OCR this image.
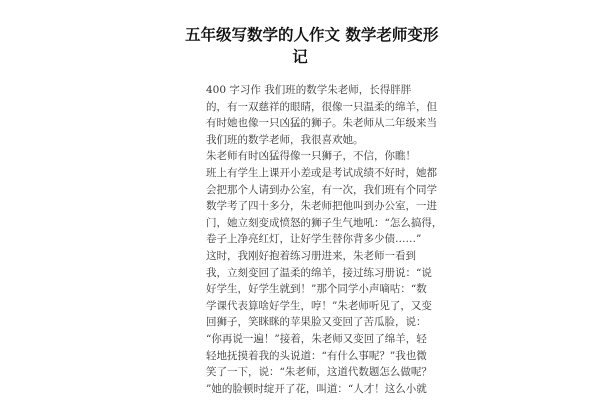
五年级写数学的人作文 数学老师变形
记
400 字习作 我们班的数学朱老师，长得胖胖
的，有一双慈祥的眼睛，很像一只温柔的绵羊，但
有时她也像一只凶猛的狮子。朱老师从二年级来当
我们班的数学老师，我很喜欢她。
朱老师有时凶猛得像一只狮子，不信，你瞧！
班上有学生上课开小差或是考试成绩不好时，她都
会把那个人请到办公室，有一次，我们班有个同学
数学考了四十多分，朱老师把他叫到办公室，一进
门，她立刻变成愤怒的狮子生气地吼：“怎么搞得，
卷子上净亮红灯，让好学生替你背多少债……”
这时，我刚好抱着练习册进来，朱老师一看到
我，立刻变回了温柔的绵羊，接过练习册说：“说
好学生，好学生就到！”那个同学小声嘀咕：“数
学课代表算啥好学生，哼！”朱老师听见了，又变
回狮子，笑眯眯的苹果脸又变回了苦瓜脸，说：
“你再说一遍！”接着，朱老师又变回了绵羊，轻
轻地抚摸着我的头说道：“有什么事呢？”我也微
笑了一下，说：“朱老师，这道代数题怎么做呢？
”她的脸顿时绽开了花，叫道：“人才！这么小就
